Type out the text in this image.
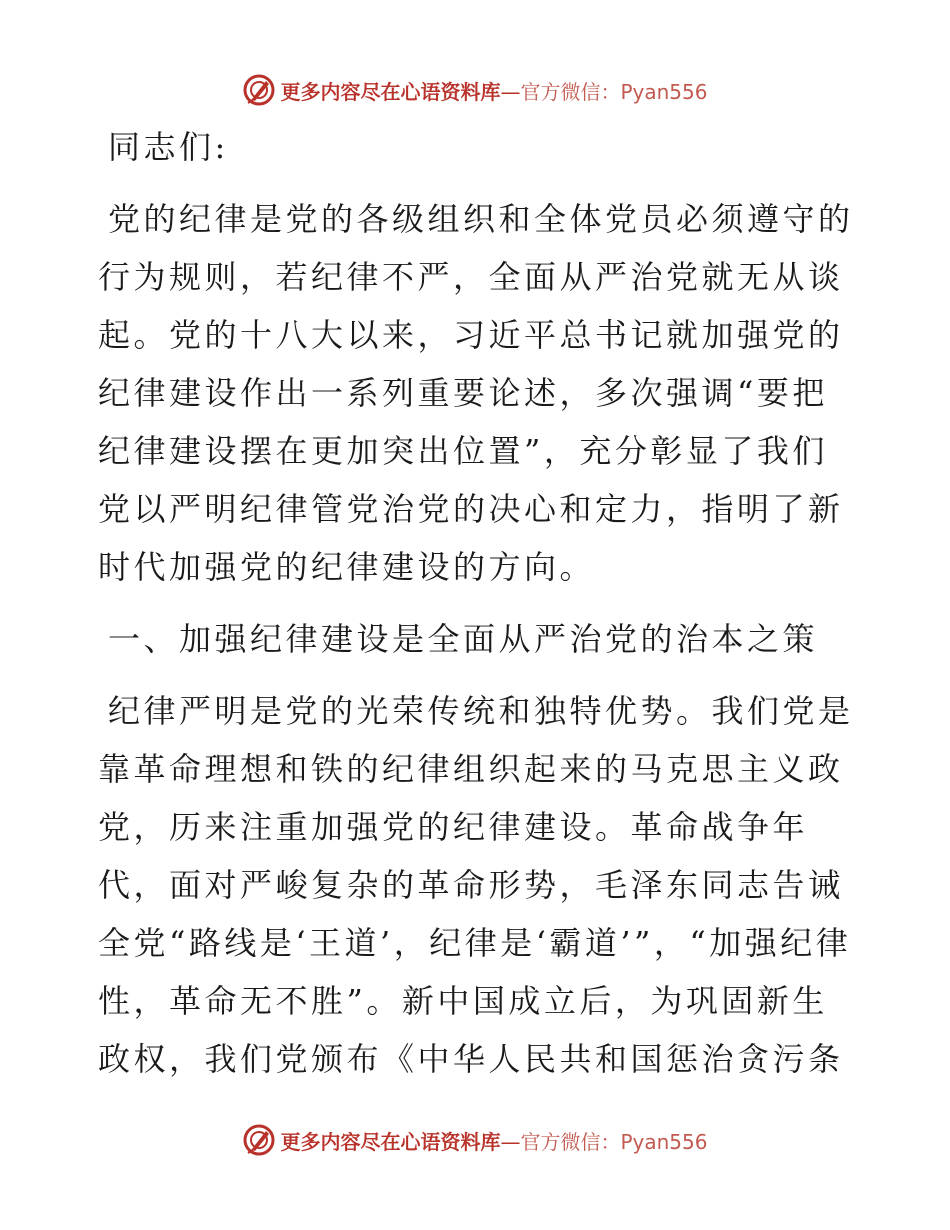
更多内容尽在心语资料库—官方微信：Pyan556

同志们:

党的纪律是党的各级组织和全体党员必须遵守的行为规则，若纪律不严，全面从严治党就无从谈起。党的十八大以来，习近平总书记就加强党的纪律建设作出一系列重要论述，多次强调“要把纪律建设摆在更加突出位置”，充分彰显了我们党以严明纪律管党治党的决心和定力，指明了新时代加强党的纪律建设的方向。

一、加强纪律建设是全面从严治党的治本之策

纪律严明是党的光荣传统和独特优势。我们党是靠革命理想和铁的纪律组织起来的马克思主义政党，历来注重加强党的纪律建设。革命战争年代，面对严峻复杂的革命形势，毛泽东同志告诫全党“路线是‘王道’，纪律是‘霸道’”，“加强纪律性，革命无不胜”。新中国成立后，为巩固新生政权，我们党颁布《中华人民共和国惩治贪污条

更多内容尽在心语资料库—官方微信：Pyan556
